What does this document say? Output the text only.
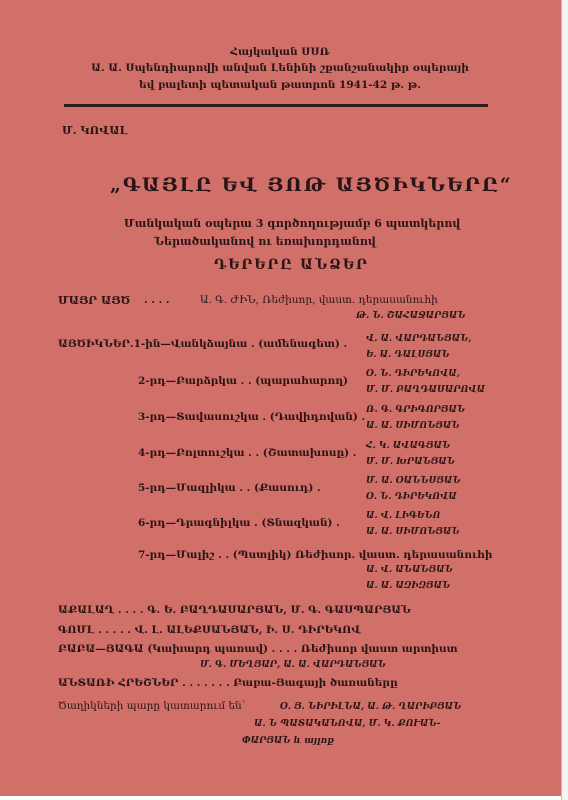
Հայկական ՍՍՌ
Ա. Ա. Սպենդիարովի անվան Լենինի շքանշանակիր օպերայի
եվ բալետի պետական թատրոն 1941-42 թ. թ.
Մ. ԿՈՎԱԼ
„ԳԱՅԼԸ ԵՎ ՅՈԹ ԱՅԾԻԿՆԵՐԸ“
Մանկական օպերա 3 գործողությամբ 6 պատկերով
Ներածականով ու եռախորդանով
ԴԵՐԵՐԸ ԱՆՁԵՐ
ՄԱՅՐ ԱՅԾ . . . .	Ա. Գ. ԺԻՆ, Ռեժիսոր, վաստ. դերասանուհի
Թ. Ն. ՇԱՀԱՋԱՐՅԱՆ
ԱՅԾԻԿՆԵՐ.1-ին—Վանկձայնա . (ամենագետ) . Վ. Ա. ՎԱՐԴԱՆՅԱՆ,
Ե. Ա. ԴԱԼՍՅԱՆ
2-րդ—Բարձրկա . . (պարահարող)
Օ. Ն. ԴԻՐԵԿՈՎԱ,
Մ. Մ. ԲԱՂԴԱՍԱՐՈՎԱ
3-րդ—Տավասուշկա . (Դավիդովան) .
Ռ. Գ. ԳՐԻԳՈՐՅԱՆ
Ա. Ա. ՍԻՄՈՆՅԱՆ
4-րդ—Բոլտուշկա . . (Շատախոսը) .
Հ. Կ. ԱՎԱԳՅԱՆ
Մ. Մ. ԽՐԱՆՅԱՆ
5-րդ—Մազլիկա . . (Քասուդ) .
Մ. Ա. ՕԱՆՆՍՅԱՆ
Օ. Ն. ԴԻՐԵԿՈՎԱ
6-րդ—Դրագնիլկա . (Տնազկան) .
Ա. Վ. ԼԻԳԵՆՈ
Ա. Ա. ՍԻՄՈՆՅԱՆ
7-րդ—Մալիշ . . (Պստլիկ) Ռեժիսոր. վաստ. դերասանուհի
Ա. Վ. ԱՆԱՆՅԱՆ
Ա. Ա. ԱԶԻԶՅԱՆ
ԱՔԱԼԱՂ . . . . Գ. Ե. ԲԱՂԴԱՍԱՐՅԱՆ, Մ. Գ. ԳԱՍՊԱՐՅԱՆ
ԳՈՄԼ . . . . . Վ. Լ. ԱԼԵՔՍԱՆՅԱՆ, Ի. Ս. ԴԻՐԵԿՈՎ
ԲԱԲԱ—ՅԱԳԱ (Կախարդ պառավ) . . . . Ռեժիսոր վաստ արտիստ
Մ. Գ. ՄԵՂՅԱՐ, Ա. Ա. ՎԱՐԴԱՆՅԱՆ
ԱՆՏԱՌԻ ՀՐԵՇՆԵՐ . . . . . . . Բաբա-Յագայի ծառաները
Ծաղիկների պարը կատարում են՝	Օ. Յ. ՆԻՐԻԼՆԱ, Ա. Թ. ՂԱՐԻԲՅԱՆ
Ա. Ն ՊԱՏԱԿԱՆՈՎԱ, Մ. Կ. ՔՈՒԱՆ-
ՓԱՐՅԱՆ և այլոք
